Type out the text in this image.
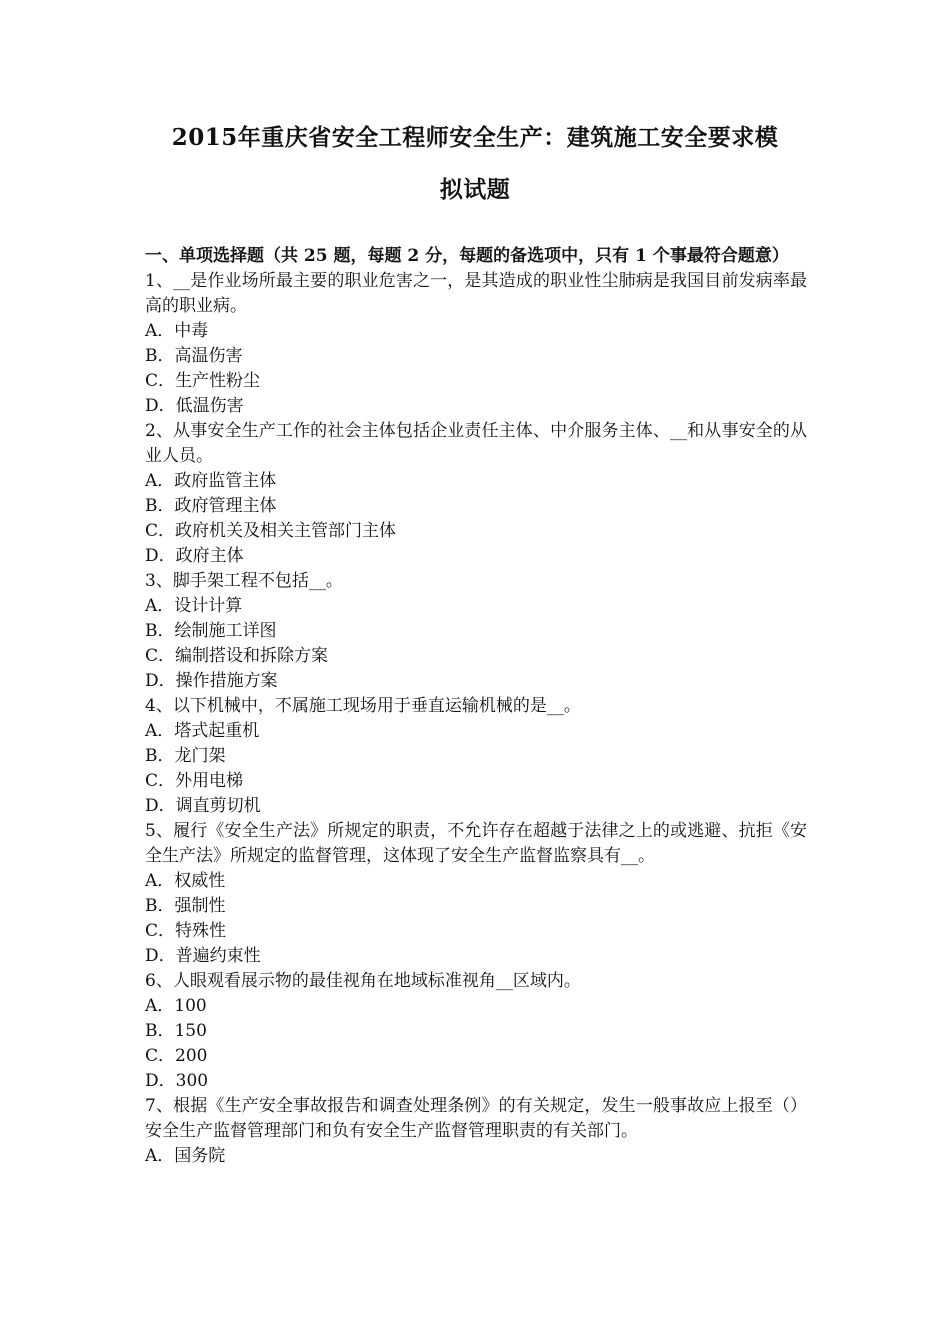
2015年重庆省安全工程师安全生产：建筑施工安全要求模
拟试题

一、单项选择题（共 25 题，每题 2 分，每题的备选项中，只有 1 个事最符合题意）

1、__是作业场所最主要的职业危害之一，是其造成的职业性尘肺病是我国目前发病率最高的职业病。

A．中毒

B．高温伤害

C．生产性粉尘

D．低温伤害

2、从事安全生产工作的社会主体包括企业责任主体、中介服务主体、__和从事安全的从业人员。

A．政府监管主体

B．政府管理主体

C．政府机关及相关主管部门主体

D．政府主体

3、脚手架工程不包括__。

A．设计计算

B．绘制施工详图

C．编制搭设和拆除方案

D．操作措施方案

4、以下机械中，不属施工现场用于垂直运输机械的是__。

A．塔式起重机

B．龙门架

C．外用电梯

D．调直剪切机

5、履行《安全生产法》所规定的职责，不允许存在超越于法律之上的或逃避、抗拒《安全生产法》所规定的监督管理，这体现了安全生产监督监察具有__。

A．权威性

B．强制性

C．特殊性

D．普遍约束性

6、人眼观看展示物的最佳视角在地域标准视角__区域内。

A．100

B．150

C．200

D．300

7、根据《生产安全事故报告和调查处理条例》的有关规定，发生一般事故应上报至（）安全生产监督管理部门和负有安全生产监督管理职责的有关部门。

A．国务院
